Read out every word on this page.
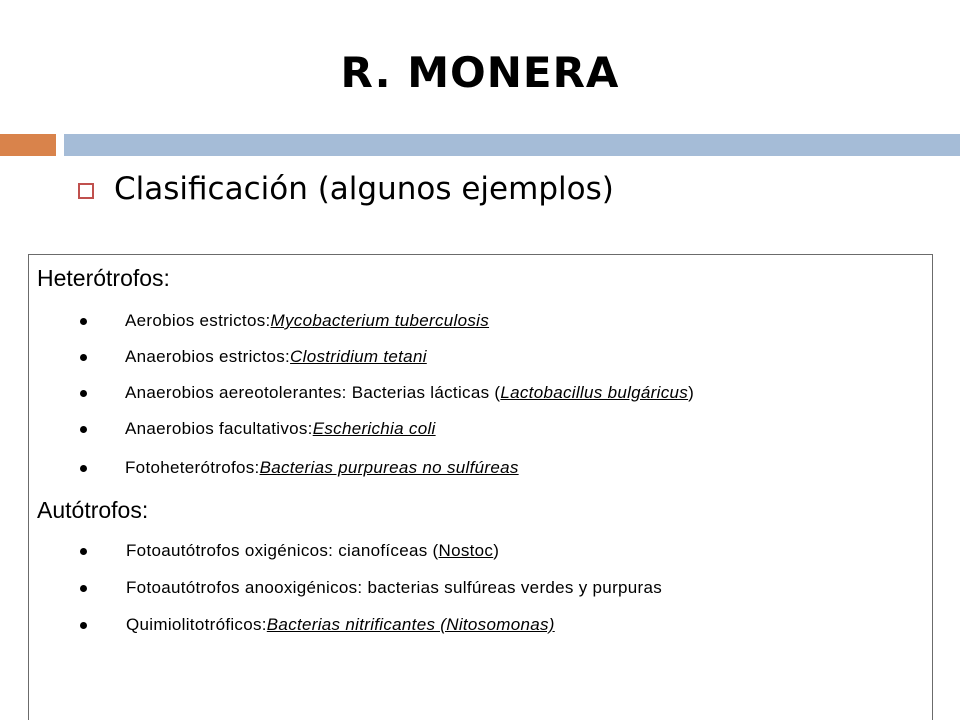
R. MONERA
Clasificación (algunos ejemplos)
Heterótrofos:
Aerobios estrictos: Mycobacterium tuberculosis
Anaerobios estrictos: Clostridium tetani
Anaerobios aereotolerantes: Bacterias lácticas ( Lactobacillus bulgáricus )
Anaerobios facultativos: Escherichia coli
Fotoheterótrofos: Bacterias purpureas no sulfúreas
Autótrofos:
Fotoautótrofos oxigénicos: cianofíceas ( Nostoc )
Fotoautótrofos anooxigénicos: bacterias sulfúreas verdes y purpuras
Quimiolitotróficos: Bacterias nitrificantes (Nitosomonas)
